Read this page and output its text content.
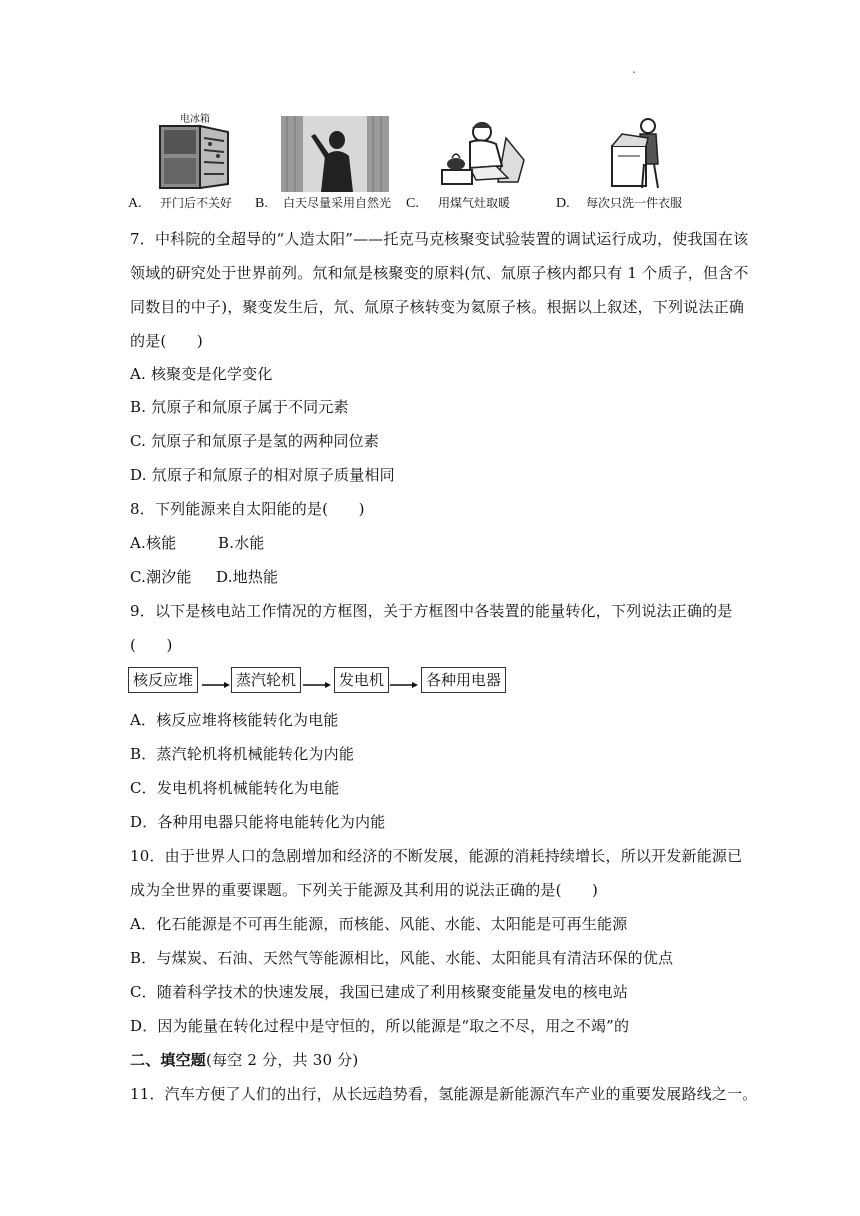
.
A.
电冰箱
开门后不关好 B. 白天尽量采用自然光 C. 用煤气灶取暖	D. 每次只洗一件衣服
7．中科院的全超导的“人造太阳”——托克马克核聚变试验装置的调试运行成功，使我国在该
领域的研究处于世界前列。氘和氚是核聚变的原料(氘、氚原子核内都只有 1 个质子，但含不
同数目的中子)，聚变发生后，氘、氚原子核转变为氦原子核。根据以上叙述，下列说法正确
的是(　　)
A. 核聚变是化学变化
B. 氘原子和氚原子属于不同元素
C. 氘原子和氚原子是氢的两种同位素
D. 氘原子和氚原子的相对原子质量相同
8．下列能源来自太阳能的是(　　)
A.核能	B.水能
C.潮汐能 D.地热能
9．以下是核电站工作情况的方框图，关于方框图中各装置的能量转化，下列说法正确的是
(　　)
核反应堆	蒸汽轮机	发电机	各种用电器
A．核反应堆将核能转化为电能
B．蒸汽轮机将机械能转化为内能
C．发电机将机械能转化为电能
D．各种用电器只能将电能转化为内能
10．由于世界人口的急剧增加和经济的不断发展，能源的消耗持续增长，所以开发新能源已
成为全世界的重要课题。下列关于能源及其利用的说法正确的是(　　)
A．化石能源是不可再生能源，而核能、风能、水能、太阳能是可再生能源
B．与煤炭、石油、天然气等能源相比，风能、水能、太阳能具有清洁环保的优点
C．随着科学技术的快速发展，我国已建成了利用核聚变能量发电的核电站
D．因为能量在转化过程中是守恒的，所以能源是“取之不尽，用之不竭”的
二、填空题(每空 2 分，共 30 分)
11．汽车方便了人们的出行，从长远趋势看，氢能源是新能源汽车产业的重要发展路线之一。
